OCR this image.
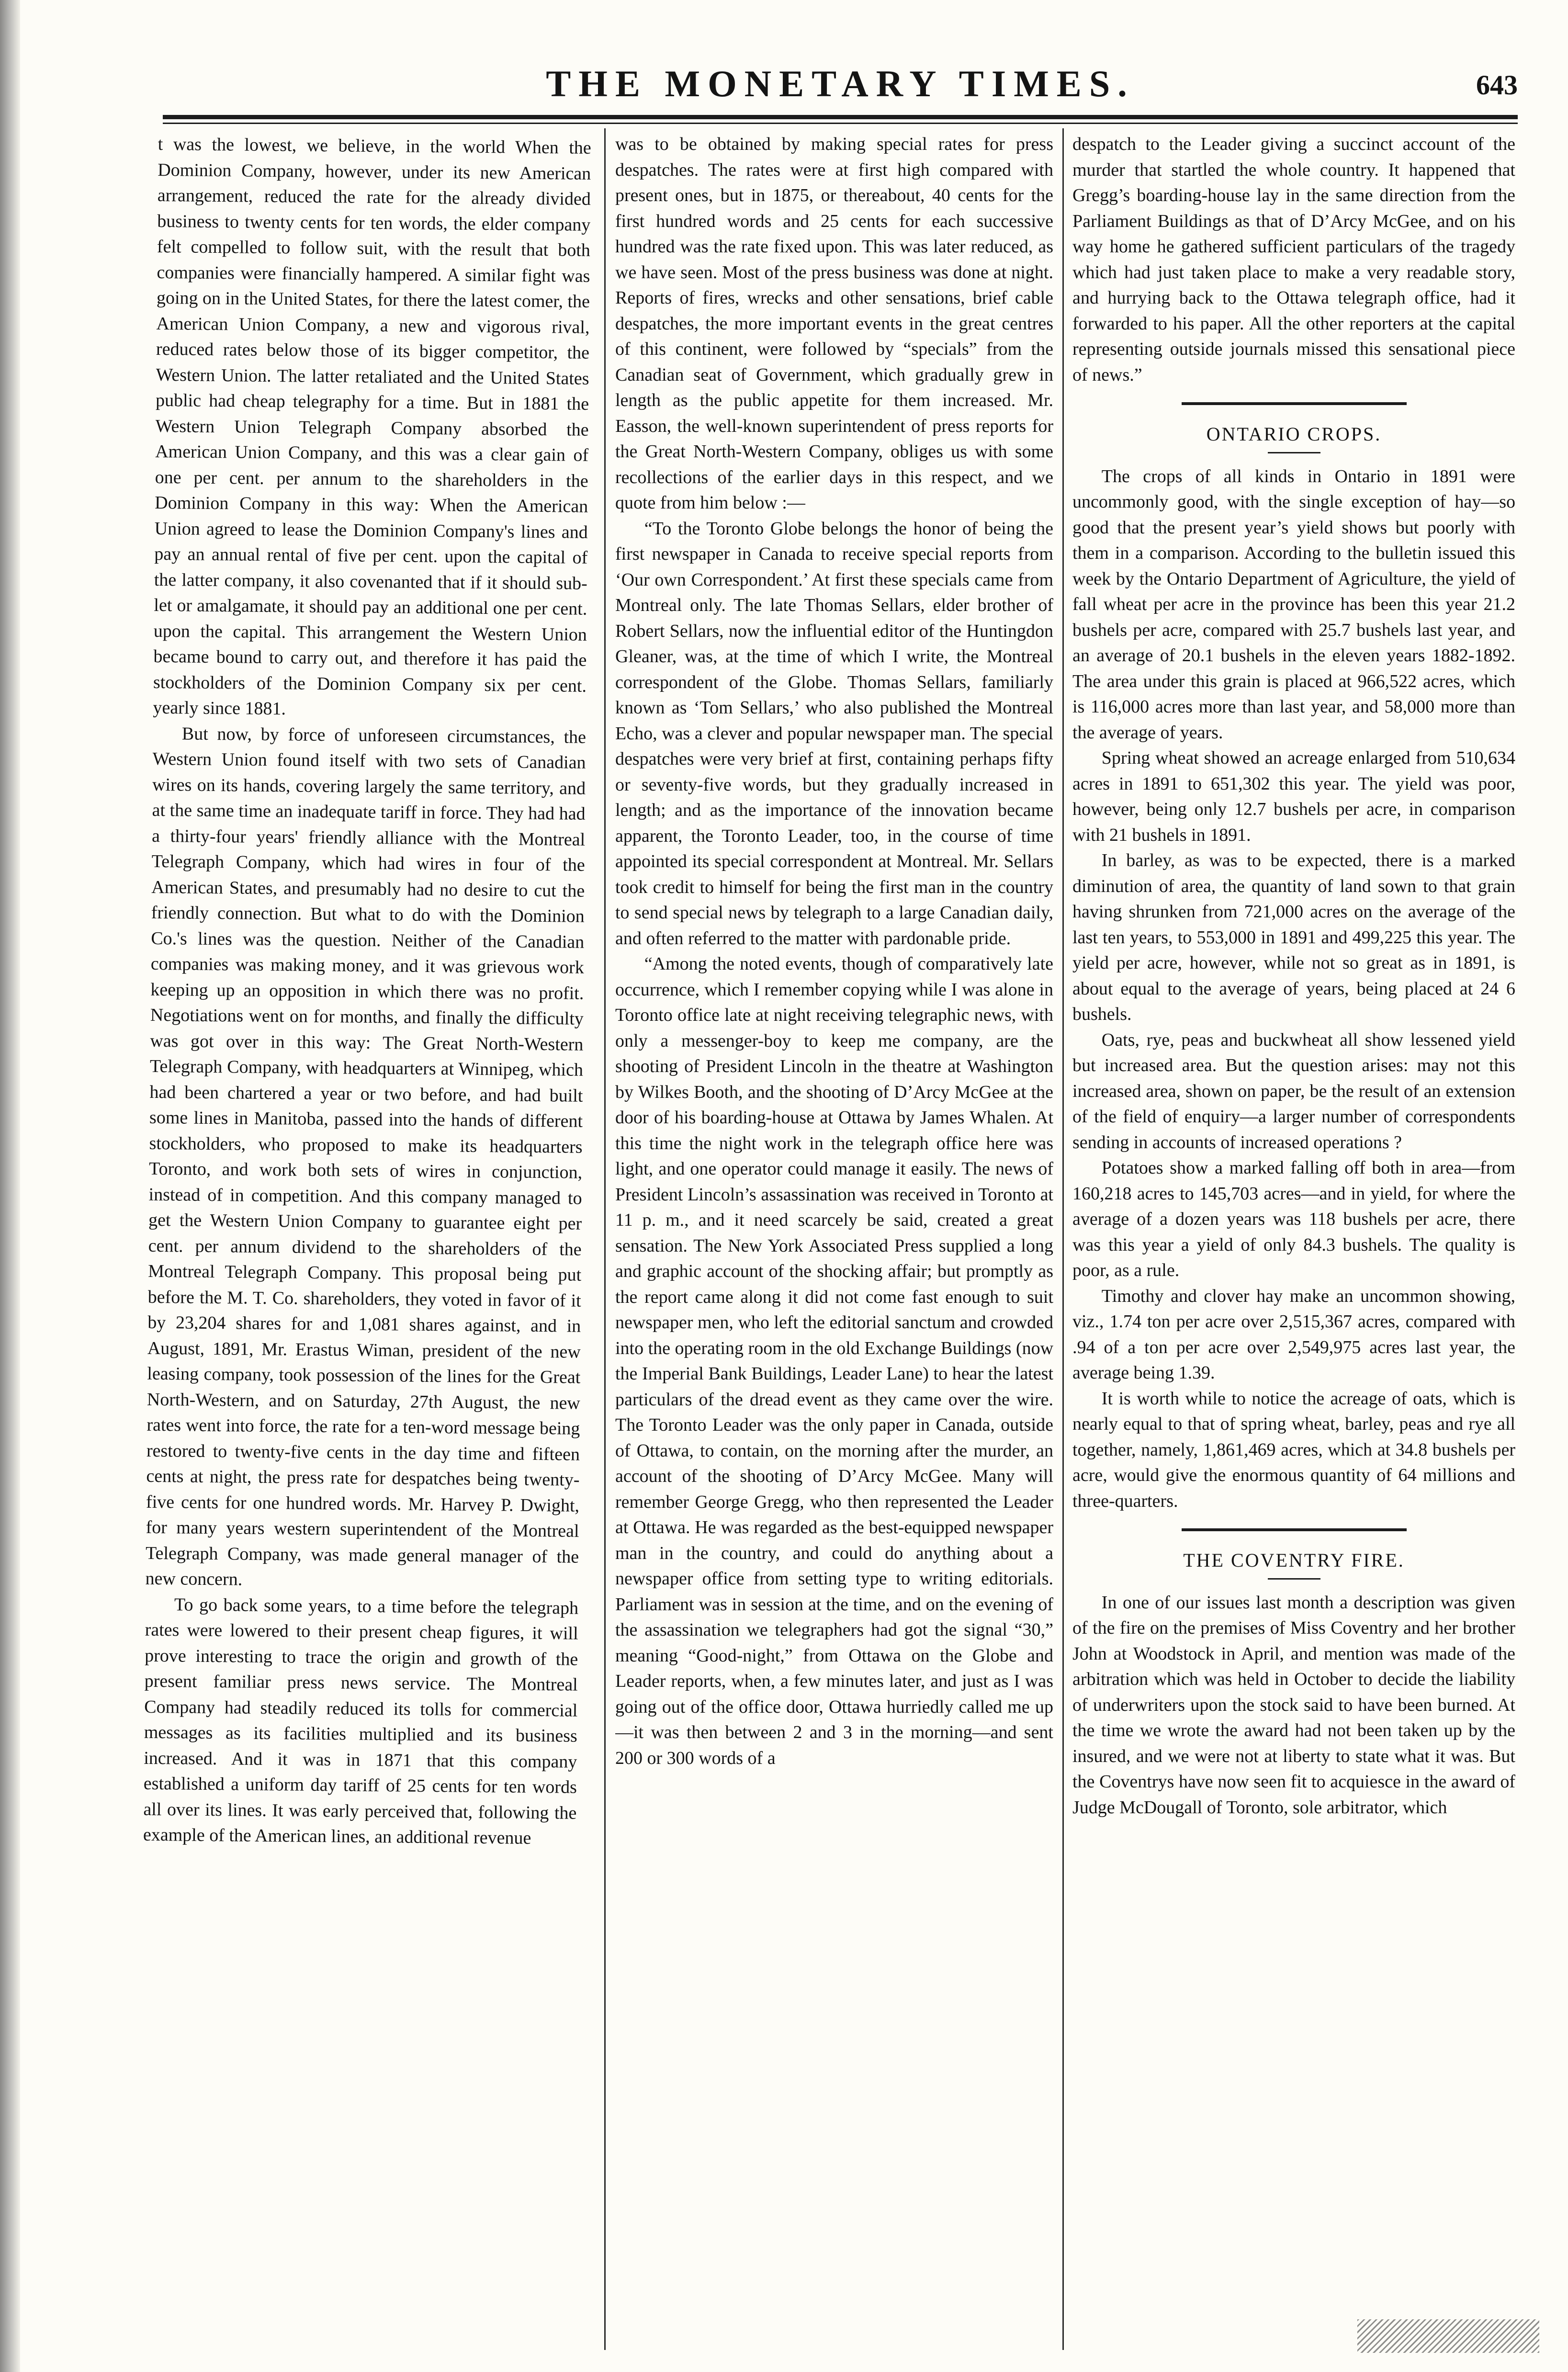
THE MONETARY TIMES.	643

t was the lowest, we believe, in the world When the Dominion Company, however, under its new American arrangement, reduced the rate for the already divided business to twenty cents for ten words, the elder company felt compelled to follow suit, with the result that both companies were financially hampered. A similar fight was going on in the United States, for there the latest comer, the American Union Company, a new and vigorous rival, reduced rates below those of its bigger competitor, the Western Union. The latter retaliated and the United States public had cheap telegraphy for a time. But in 1881 the Western Union Telegraph Company absorbed the American Union Company, and this was a clear gain of one per cent. per annum to the shareholders in the Dominion Company in this way: When the American Union agreed to lease the Dominion Company's lines and pay an annual rental of five per cent. upon the capital of the latter company, it also covenanted that if it should sub-let or amalgamate, it should pay an additional one per cent. upon the capital. This arrangement the Western Union became bound to carry out, and therefore it has paid the stockholders of the Dominion Company six per cent. yearly since 1881.

But now, by force of unforeseen circumstances, the Western Union found itself with two sets of Canadian wires on its hands, covering largely the same territory, and at the same time an inadequate tariff in force. They had had a thirty-four years' friendly alliance with the Montreal Telegraph Company, which had wires in four of the American States, and presumably had no desire to cut the friendly connection. But what to do with the Dominion Co.'s lines was the question. Neither of the Canadian companies was making money, and it was grievous work keeping up an opposition in which there was no profit. Negotiations went on for months, and finally the difficulty was got over in this way: The Great North-Western Telegraph Company, with headquarters at Winnipeg, which had been chartered a year or two before, and had built some lines in Manitoba, passed into the hands of different stockholders, who proposed to make its headquarters Toronto, and work both sets of wires in conjunction, instead of in competition. And this company managed to get the Western Union Company to guarantee eight per cent. per annum dividend to the shareholders of the Montreal Telegraph Company. This proposal being put before the M. T. Co. shareholders, they voted in favor of it by 23,204 shares for and 1,081 shares against, and in August, 1891, Mr. Erastus Wiman, president of the new leasing company, took possession of the lines for the Great North-Western, and on Saturday, 27th August, the new rates went into force, the rate for a ten-word message being restored to twenty-five cents in the day time and fifteen cents at night, the press rate for despatches being twenty-five cents for one hundred words. Mr. Harvey P. Dwight, for many years western superintendent of the Montreal Telegraph Company, was made general manager of the new concern.

To go back some years, to a time before the telegraph rates were lowered to their present cheap figures, it will prove interesting to trace the origin and growth of the present familiar press news service. The Montreal Company had steadily reduced its tolls for commercial messages as its facilities multiplied and its business increased. And it was in 1871 that this company established a uniform day tariff of 25 cents for ten words all over its lines. It was early perceived that, following the example of the American lines, an additional revenue

was to be obtained by making special rates for press despatches. The rates were at first high compared with present ones, but in 1875, or thereabout, 40 cents for the first hundred words and 25 cents for each successive hundred was the rate fixed upon. This was later reduced, as we have seen. Most of the press business was done at night. Reports of fires, wrecks and other sensations, brief cable despatches, the more important events in the great centres of this continent, were followed by “specials” from the Canadian seat of Government, which gradually grew in length as the public appetite for them increased. Mr. Easson, the well-known superintendent of press reports for the Great North-Western Company, obliges us with some recollections of the earlier days in this respect, and we quote from him below :—

“To the Toronto Globe belongs the honor of being the first newspaper in Canada to receive special reports from ‘Our own Correspondent.’ At first these specials came from Montreal only. The late Thomas Sellars, elder brother of Robert Sellars, now the influential editor of the Huntingdon Gleaner, was, at the time of which I write, the Montreal correspondent of the Globe. Thomas Sellars, familiarly known as ‘Tom Sellars,’ who also published the Montreal Echo, was a clever and popular newspaper man. The special despatches were very brief at first, containing perhaps fifty or seventy-five words, but they gradually increased in length; and as the importance of the innovation became apparent, the Toronto Leader, too, in the course of time appointed its special correspondent at Montreal. Mr. Sellars took credit to himself for being the first man in the country to send special news by telegraph to a large Canadian daily, and often referred to the matter with pardonable pride.

“Among the noted events, though of comparatively late occurrence, which I remember copying while I was alone in Toronto office late at night receiving telegraphic news, with only a messenger-boy to keep me company, are the shooting of President Lincoln in the theatre at Washington by Wilkes Booth, and the shooting of D’Arcy McGee at the door of his boarding-house at Ottawa by James Whalen. At this time the night work in the telegraph office here was light, and one operator could manage it easily. The news of President Lincoln’s assassination was received in Toronto at 11 p. m., and it need scarcely be said, created a great sensation. The New York Associated Press supplied a long and graphic account of the shocking affair; but promptly as the report came along it did not come fast enough to suit newspaper men, who left the editorial sanctum and crowded into the operating room in the old Exchange Buildings (now the Imperial Bank Buildings, Leader Lane) to hear the latest particulars of the dread event as they came over the wire. The Toronto Leader was the only paper in Canada, outside of Ottawa, to contain, on the morning after the murder, an account of the shooting of D’Arcy McGee. Many will remember George Gregg, who then represented the Leader at Ottawa. He was regarded as the best-equipped newspaper man in the country, and could do anything about a newspaper office from setting type to writing editorials. Parliament was in session at the time, and on the evening of the assassination we telegraphers had got the signal “30,” meaning “Good-night,” from Ottawa on the Globe and Leader reports, when, a few minutes later, and just as I was going out of the office door, Ottawa hurriedly called me up—it was then between 2 and 3 in the morning—and sent 200 or 300 words of a

despatch to the Leader giving a succinct account of the murder that startled the whole country. It happened that Gregg’s boarding-house lay in the same direction from the Parliament Buildings as that of D’Arcy McGee, and on his way home he gathered sufficient particulars of the tragedy which had just taken place to make a very readable story, and hurrying back to the Ottawa telegraph office, had it forwarded to his paper. All the other reporters at the capital representing outside journals missed this sensational piece of news.”

ONTARIO CROPS.

The crops of all kinds in Ontario in 1891 were uncommonly good, with the single exception of hay—so good that the present year’s yield shows but poorly with them in a comparison. According to the bulletin issued this week by the Ontario Department of Agriculture, the yield of fall wheat per acre in the province has been this year 21.2 bushels per acre, compared with 25.7 bushels last year, and an average of 20.1 bushels in the eleven years 1882-1892. The area under this grain is placed at 966,522 acres, which is 116,000 acres more than last year, and 58,000 more than the average of years.

Spring wheat showed an acreage enlarged from 510,634 acres in 1891 to 651,302 this year. The yield was poor, however, being only 12.7 bushels per acre, in comparison with 21 bushels in 1891.

In barley, as was to be expected, there is a marked diminution of area, the quantity of land sown to that grain having shrunken from 721,000 acres on the average of the last ten years, to 553,000 in 1891 and 499,225 this year. The yield per acre, however, while not so great as in 1891, is about equal to the average of years, being placed at 24 6 bushels.

Oats, rye, peas and buckwheat all show lessened yield but increased area. But the question arises: may not this increased area, shown on paper, be the result of an extension of the field of enquiry—a larger number of correspondents sending in accounts of increased operations ?

Potatoes show a marked falling off both in area—from 160,218 acres to 145,703 acres—and in yield, for where the average of a dozen years was 118 bushels per acre, there was this year a yield of only 84.3 bushels. The quality is poor, as a rule.

Timothy and clover hay make an uncommon showing, viz., 1.74 ton per acre over 2,515,367 acres, compared with .94 of a ton per acre over 2,549,975 acres last year, the average being 1.39.

It is worth while to notice the acreage of oats, which is nearly equal to that of spring wheat, barley, peas and rye all together, namely, 1,861,469 acres, which at 34.8 bushels per acre, would give the enormous quantity of 64 millions and three-quarters.

THE COVENTRY FIRE.

In one of our issues last month a description was given of the fire on the premises of Miss Coventry and her brother John at Woodstock in April, and mention was made of the arbitration which was held in October to decide the liability of underwriters upon the stock said to have been burned. At the time we wrote the award had not been taken up by the insured, and we were not at liberty to state what it was. But the Coventrys have now seen fit to acquiesce in the award of Judge McDougall of Toronto, sole arbitrator, which
